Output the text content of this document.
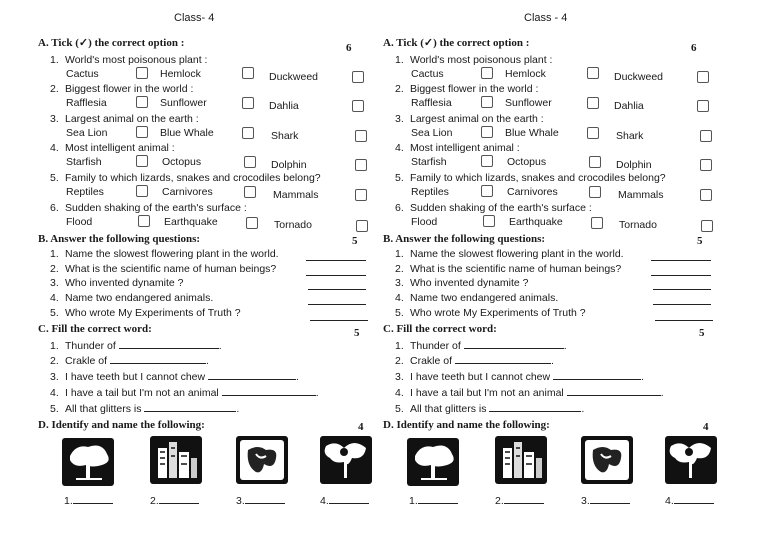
Class- 4	Class - 4
A. Tick (✓) the correct option :	6
1. World's most poisonous plant :
Cactus	Hemlock	Duckweed
2. Biggest flower in the world :
Rafflesia	Sunflower	Dahlia
3. Largest animal on the earth :
Sea Lion	Blue Whale	Shark
4. Most intelligent animal :
Starfish	Octopus	Dolphin
5. Family to which lizards, snakes and crocodiles belong?
Reptiles	Carnivores	Mammals
6. Sudden shaking of the earth's surface :
Flood	Earthquake	Tornado
B. Answer the following questions:	5
1. Name the slowest flowering plant in the world.
2. What is the scientific name of human beings?
3. Who invented dynamite ?
4. Name two endangered animals.
5. Who wrote My Experiments of Truth ?
C. Fill the correct word:	5
1. Thunder of	.
2. Crakle of	.
3. I have teeth but I cannot chew	.
4. I have a tail but I'm not an animal	.
5. All that glitters is	.
D. Identify and name the following:	4
1.	2.	3.	4.
A. Tick (✓) the correct option :	6
1. World's most poisonous plant :
Cactus	Hemlock	Duckweed
2. Biggest flower in the world :
Rafflesia	Sunflower	Dahlia
3. Largest animal on the earth :
Sea Lion	Blue Whale	Shark
4. Most intelligent animal :
Starfish	Octopus	Dolphin
5. Family to which lizards, snakes and crocodiles belong?
Reptiles	Carnivores	Mammals
6. Sudden shaking of the earth's surface :
Flood	Earthquake	Tornado
B. Answer the following questions:	5
1. Name the slowest flowering plant in the world.
2. What is the scientific name of human beings?
3. Who invented dynamite ?
4. Name two endangered animals.
5. Who wrote My Experiments of Truth ?
C. Fill the correct word:	5
1. Thunder of	.
2. Crakle of	.
3. I have teeth but I cannot chew	.
4. I have a tail but I'm not an animal	.
5. All that glitters is	.
D. Identify and name the following:	4
1.	2.	3.	4.
